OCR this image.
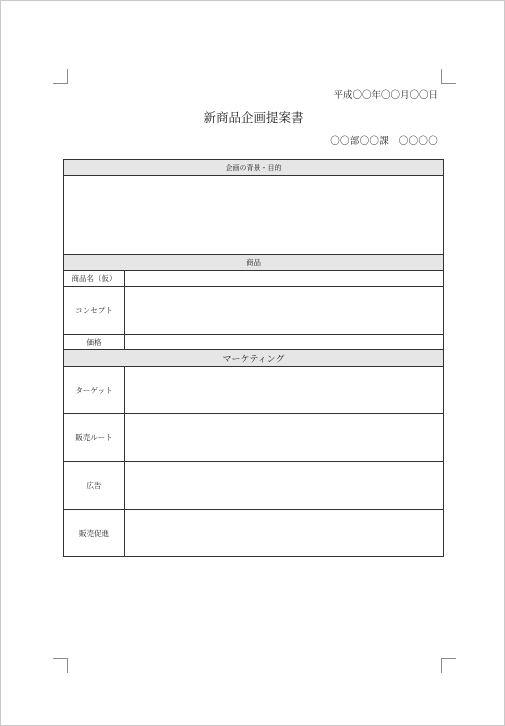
平成〇〇年〇〇月〇〇日
新商品企画提案書
〇〇部〇〇課　〇〇〇〇
企画の背景・目的	

商品	
商品名（仮）	
コンセプト	
価格	
マーケティング	
ターゲット	
販売ルート	
広告	
販売促進	
